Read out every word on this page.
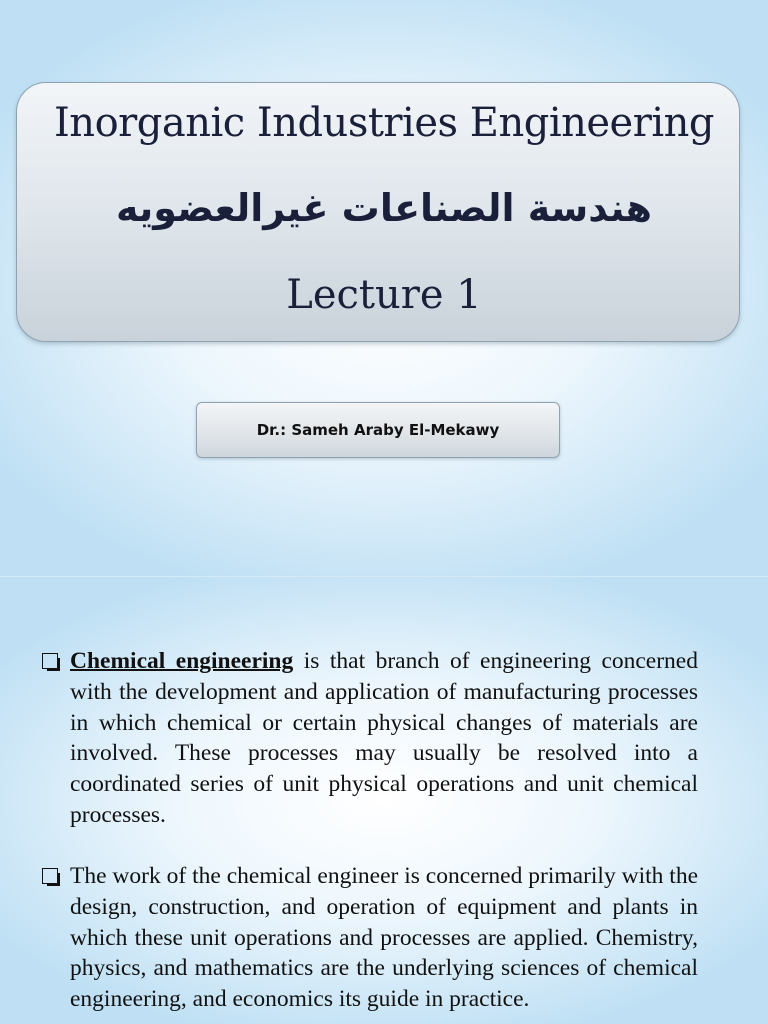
Inorganic Industries Engineering
هندسة الصناعات غيرالعضويه
Lecture 1
Dr.: Sameh Araby El-Mekawy
Chemical engineering is that branch of engineering concerned with the development and application of manufacturing processes in which chemical or certain physical changes of materials are involved. These processes may usually be resolved into a coordinated series of unit physical operations and unit chemical processes.
The work of the chemical engineer is concerned primarily with the design, construction, and operation of equipment and plants in which these unit operations and processes are applied. Chemistry, physics, and mathematics are the underlying sciences of chemical engineering, and economics its guide in practice.
